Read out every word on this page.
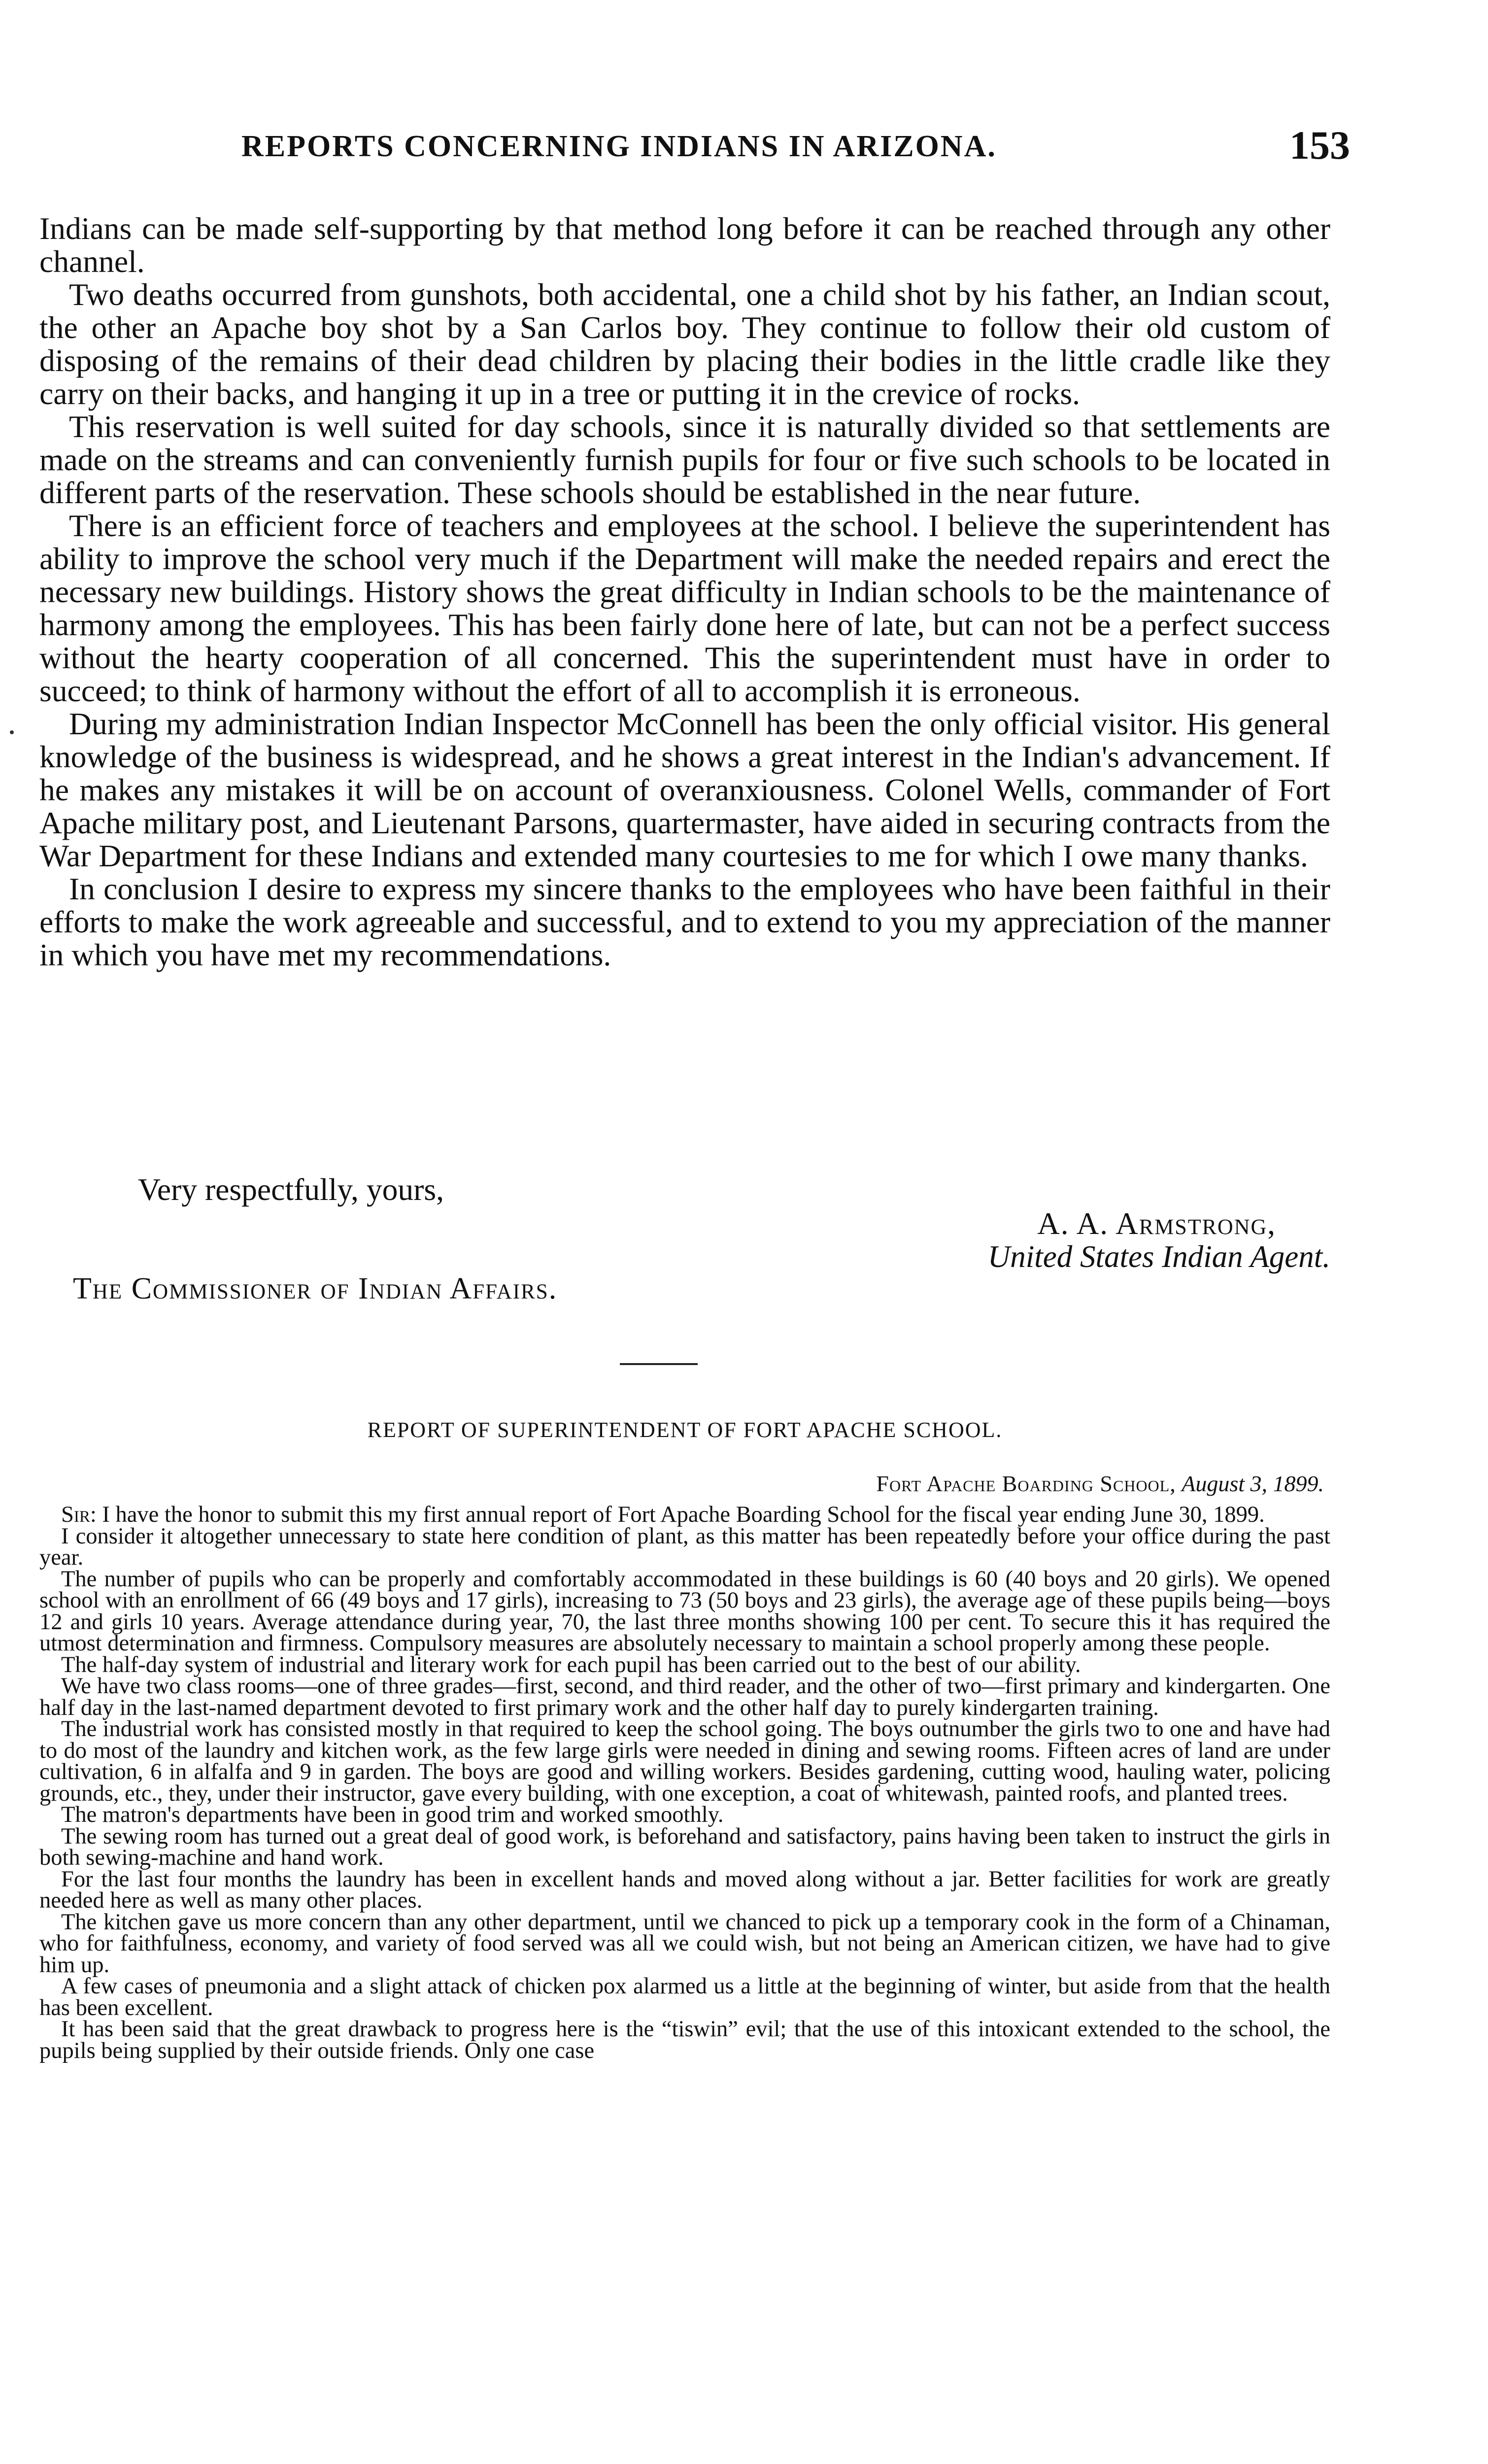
REPORTS CONCERNING INDIANS IN ARIZONA.	153

Indians can be made self-supporting by that method long before it can be reached through any other channel.

Two deaths occurred from gunshots, both accidental, one a child shot by his father, an Indian scout, the other an Apache boy shot by a San Carlos boy. They continue to follow their old custom of disposing of the remains of their dead children by placing their bodies in the little cradle like they carry on their backs, and hanging it up in a tree or putting it in the crevice of rocks.

This reservation is well suited for day schools, since it is naturally divided so that settlements are made on the streams and can conveniently furnish pupils for four or five such schools to be located in different parts of the reservation. These schools should be established in the near future.

There is an efficient force of teachers and employees at the school. I believe the superintendent has ability to improve the school very much if the Department will make the needed repairs and erect the necessary new buildings. History shows the great difficulty in Indian schools to be the maintenance of harmony among the employees. This has been fairly done here of late, but can not be a perfect success without the hearty cooperation of all concerned. This the superintendent must have in order to succeed; to think of harmony without the effort of all to accomplish it is erroneous.

During my administration Indian Inspector McConnell has been the only official visitor. His general knowledge of the business is widespread, and he shows a great interest in the Indian's advancement. If he makes any mistakes it will be on account of overanxiousness. Colonel Wells, commander of Fort Apache military post, and Lieutenant Parsons, quartermaster, have aided in securing contracts from the War Department for these Indians and extended many courtesies to me for which I owe many thanks.

In conclusion I desire to express my sincere thanks to the employees who have been faithful in their efforts to make the work agreeable and successful, and to extend to you my appreciation of the manner in which you have met my recommendations.

Very respectfully, yours,
A. A. Armstrong,
United States Indian Agent.
The Commissioner of Indian Affairs.
REPORT OF SUPERINTENDENT OF FORT APACHE SCHOOL.
Fort Apache Boarding School, August 3, 1899.

Sir: I have the honor to submit this my first annual report of Fort Apache Boarding School for the fiscal year ending June 30, 1899.

I consider it altogether unnecessary to state here condition of plant, as this matter has been repeatedly before your office during the past year.

The number of pupils who can be properly and comfortably accommodated in these buildings is 60 (40 boys and 20 girls). We opened school with an enrollment of 66 (49 boys and 17 girls), increasing to 73 (50 boys and 23 girls), the average age of these pupils being—boys 12 and girls 10 years. Average attendance during year, 70, the last three months showing 100 per cent. To secure this it has required the utmost determination and firmness. Compulsory measures are absolutely necessary to maintain a school properly among these people.

The half-day system of industrial and literary work for each pupil has been carried out to the best of our ability.

We have two class rooms—one of three grades—first, second, and third reader, and the other of two—first primary and kindergarten. One half day in the last-named department devoted to first primary work and the other half day to purely kindergarten training.

The industrial work has consisted mostly in that required to keep the school going. The boys outnumber the girls two to one and have had to do most of the laundry and kitchen work, as the few large girls were needed in dining and sewing rooms. Fifteen acres of land are under cultivation, 6 in alfalfa and 9 in garden. The boys are good and willing workers. Besides gardening, cutting wood, hauling water, policing grounds, etc., they, under their instructor, gave every building, with one exception, a coat of whitewash, painted roofs, and planted trees.

The matron's departments have been in good trim and worked smoothly.

The sewing room has turned out a great deal of good work, is beforehand and satisfactory, pains having been taken to instruct the girls in both sewing-machine and hand work.

For the last four months the laundry has been in excellent hands and moved along without a jar. Better facilities for work are greatly needed here as well as many other places.

The kitchen gave us more concern than any other department, until we chanced to pick up a temporary cook in the form of a Chinaman, who for faithfulness, economy, and variety of food served was all we could wish, but not being an American citizen, we have had to give him up.

A few cases of pneumonia and a slight attack of chicken pox alarmed us a little at the beginning of winter, but aside from that the health has been excellent.

It has been said that the great drawback to progress here is the “tiswin” evil; that the use of this intoxicant extended to the school, the pupils being supplied by their outside friends. Only one case
